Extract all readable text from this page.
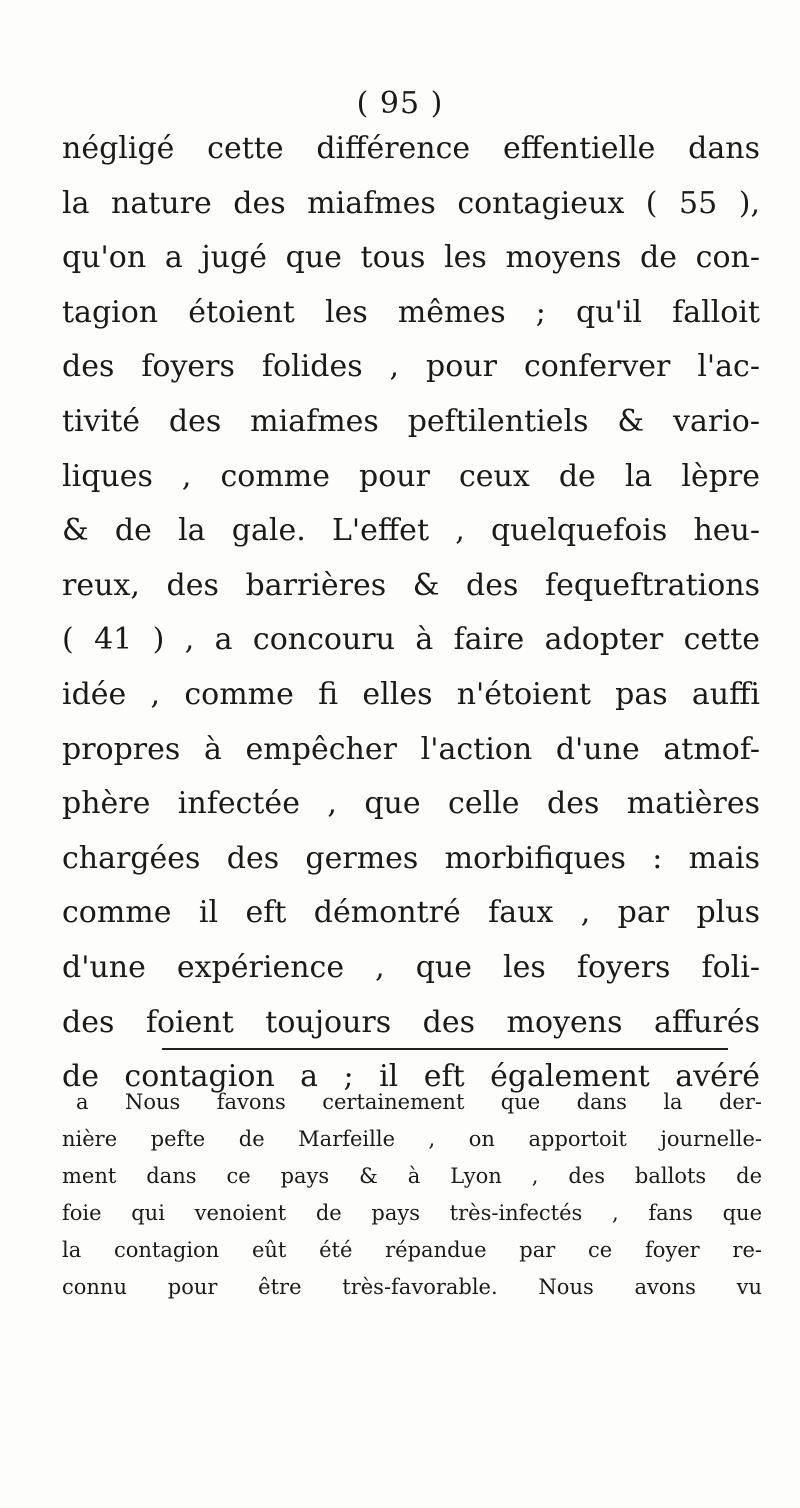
( 95 )
négligé cette différence effentielle dans
la nature des miafmes contagieux ( 55 ),
qu'on a jugé que tous les moyens de con-
tagion étoient les mêmes ; qu'il falloit
des foyers folides , pour conferver l'ac-
tivité des miafmes peftilentiels & vario-
liques , comme pour ceux de la lèpre
& de la gale. L'effet , quelquefois heu-
reux, des barrières & des fequeftrations
( 41 ) , a concouru à faire adopter cette
idée , comme fi elles n'étoient pas auffi
propres à empêcher l'action d'une atmof-
phère infectée , que celle des matières
chargées des germes morbifiques : mais
comme il eft démontré faux , par plus
d'une expérience , que les foyers foli-
des foient toujours des moyens affurés
de contagion a ; il eft également avéré
a Nous favons certainement que dans la der-
nière pefte de Marfeille , on apportoit journelle-
ment dans ce pays & à Lyon , des ballots de
foie qui venoient de pays très-infectés , fans que
la contagion eût été répandue par ce foyer re-
connu pour être très-favorable. Nous avons vu
